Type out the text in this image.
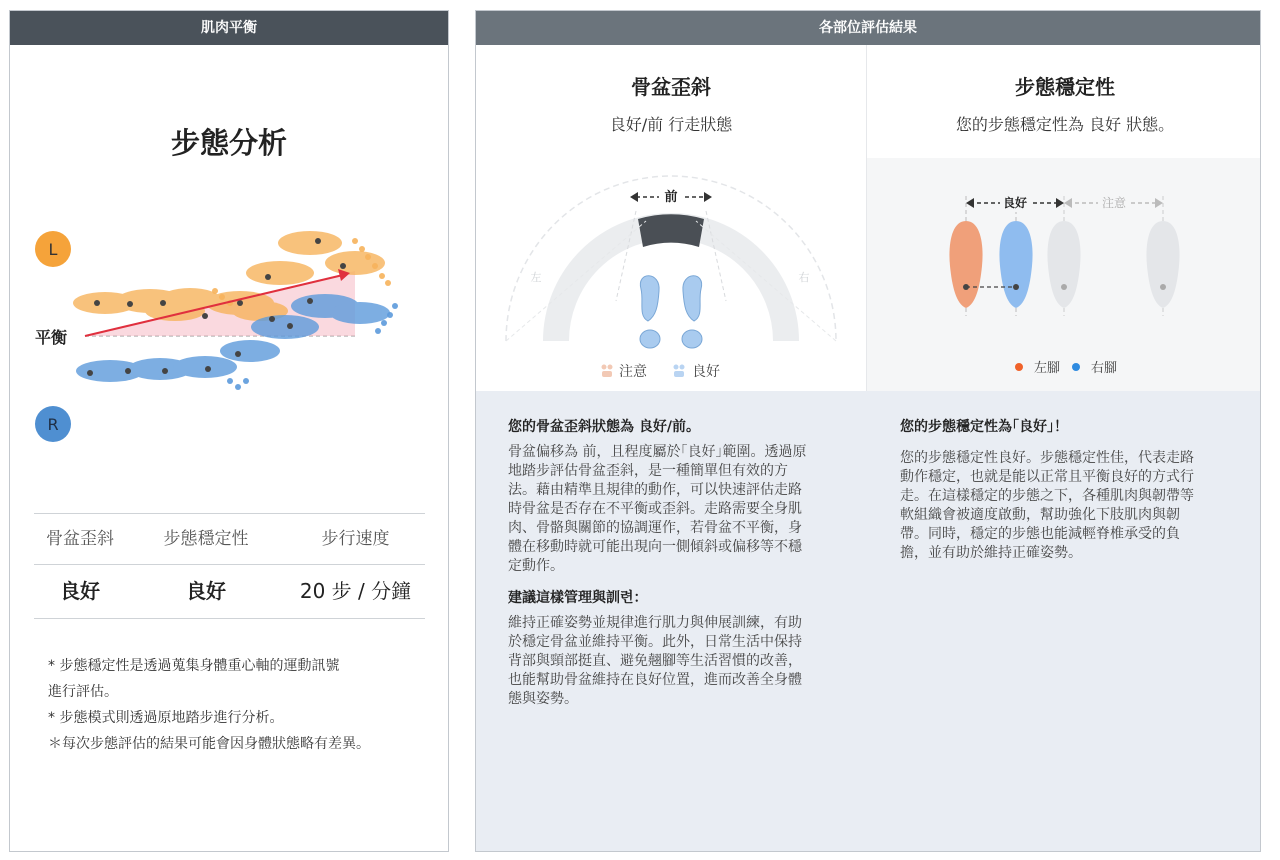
肌肉平衡
步態分析
L
R
平衡
骨盆歪斜	步態穩定性	步行速度
良好	良好	20 步 / 分鐘
* 步態穩定性是透過蒐集身體重心軸的運動訊號
進行評估。
* 步態模式則透過原地踏步進行分析。
＊每次步態評估的結果可能會因身體狀態略有差異。
各部位評估結果
骨盆歪斜
良好/前 行走狀態
前
左	右
注意	良好
步態穩定性
您的步態穩定性為 良好 狀態。
良好	注意
左腳 右腳
您的骨盆歪斜狀態為 良好/前。
骨盆偏移為 前，且程度屬於｢良好｣範圍。透過原
地踏步評估骨盆歪斜，是一種簡單但有效的方
法。藉由精準且規律的動作，可以快速評估走路
時骨盆是否存在不平衡或歪斜。走路需要全身肌
肉、骨骼與關節的協調運作，若骨盆不平衡，身
體在移動時就可能出現向一側傾斜或偏移等不穩
定動作。
建議這樣管理與訓련：
維持正確姿勢並規律進行肌力與伸展訓練，有助
於穩定骨盆並維持平衡。此外，日常生活中保持
背部與頸部挺直、避免翹腳等生活習慣的改善，
也能幫助骨盆維持在良好位置，進而改善全身體
態與姿勢。
您的步態穩定性為｢良好｣！
您的步態穩定性良好。步態穩定性佳，代表走路
動作穩定，也就是能以正常且平衡良好的方式行
走。在這樣穩定的步態之下，各種肌肉與韌帶等
軟組織會被適度啟動，幫助強化下肢肌肉與韌
帶。同時，穩定的步態也能減輕脊椎承受的負
擔，並有助於維持正確姿勢。
